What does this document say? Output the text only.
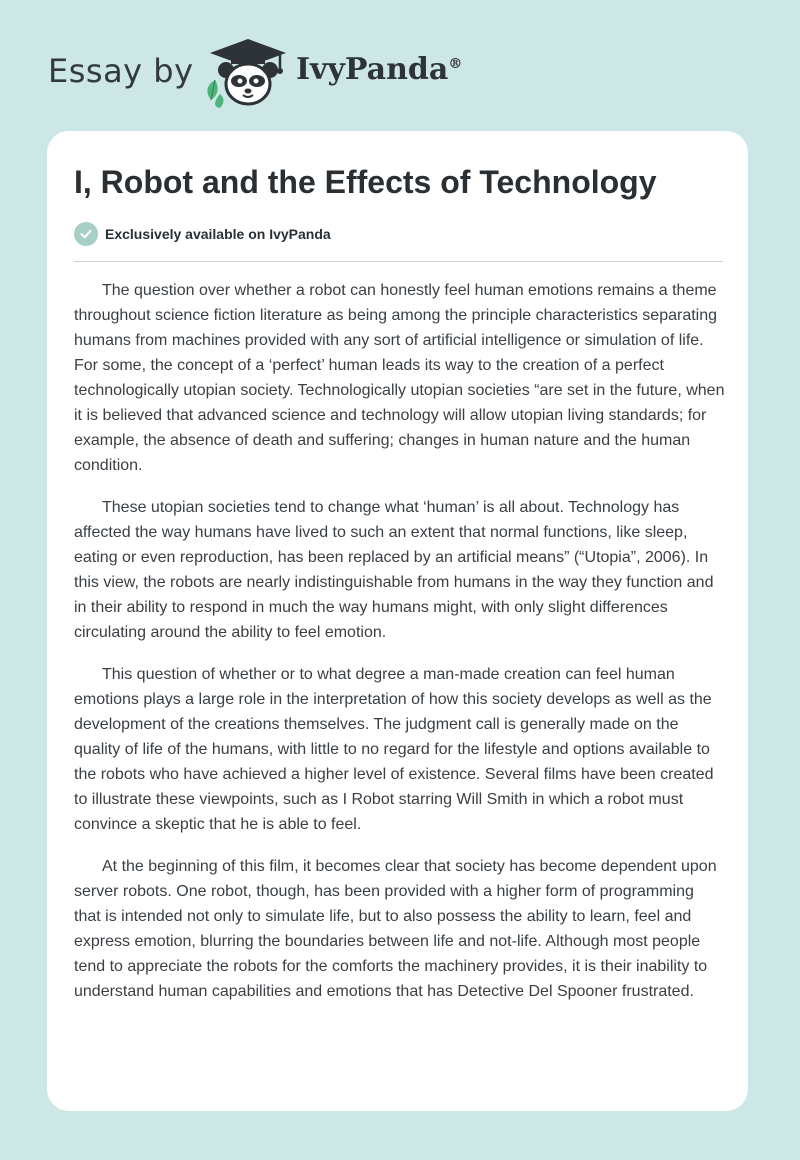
Essay by	IvyPanda®
I, Robot and the Effects of Technology
Exclusively available on IvyPanda

The question over whether a robot can honestly feel human emotions remains a theme throughout science fiction literature as being among the principle characteristics separating humans from machines provided with any sort of artificial intelligence or simulation of life. For some, the concept of a ‘perfect’ human leads its way to the creation of a perfect technologically utopian society. Technologically utopian societies “are set in the future, when it is believed that advanced science and technology will allow utopian living standards; for example, the absence of death and suffering; changes in human nature and the human condition.

These utopian societies tend to change what ‘human’ is all about. Technology has affected the way humans have lived to such an extent that normal functions, like sleep, eating or even reproduction, has been replaced by an artificial means” (“Utopia”, 2006). In this view, the robots are nearly indistinguishable from humans in the way they function and in their ability to respond in much the way humans might, with only slight differences circulating around the ability to feel emotion.

This question of whether or to what degree a man-made creation can feel human emotions plays a large role in the interpretation of how this society develops as well as the development of the creations themselves. The judgment call is generally made on the quality of life of the humans, with little to no regard for the lifestyle and options available to the robots who have achieved a higher level of existence. Several films have been created to illustrate these viewpoints, such as I Robot starring Will Smith in which a robot must convince a skeptic that he is able to feel.

At the beginning of this film, it becomes clear that society has become dependent upon server robots. One robot, though, has been provided with a higher form of programming that is intended not only to simulate life, but to also possess the ability to learn, feel and express emotion, blurring the boundaries between life and not-life. Although most people tend to appreciate the robots for the comforts the machinery provides, it is their inability to understand human capabilities and emotions that has Detective Del Spooner frustrated.
